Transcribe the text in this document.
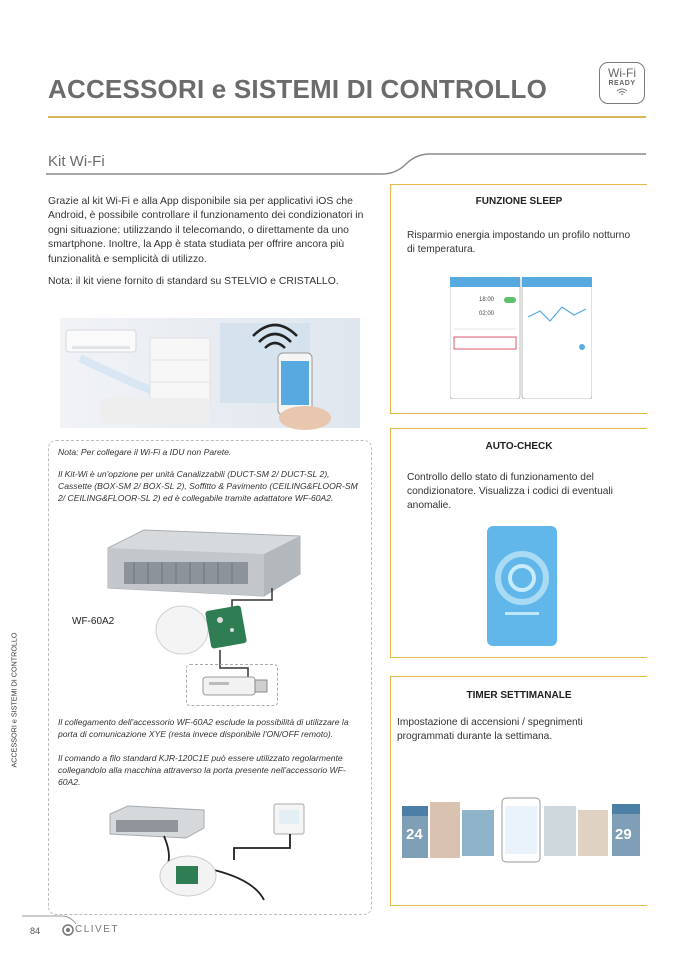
ACCESSORI e SISTEMI DI CONTROLLO
Wi-Fi
READY
Kit Wi-Fi

Grazie al kit Wi-Fi e alla App disponibile sia per applicativi iOS che Android, è possibile controllare il funzionamento dei condizionatori in ogni situazione: utilizzando il telecomando, o direttamente da uno smartphone. Inoltre, la App è stata studiata per offrire ancora più funzionalità e semplicità di utilizzo.

Nota: il kit viene fornito di standard su STELVIO e CRISTALLO.

Nota: Per collegare il Wi-Fi a IDU non Parete.
Il Kit-Wi è un'opzione per unità Canalizzabili (DUCT-SM 2/ DUCT-SL 2), Cassette (BOX-SM 2/ BOX-SL 2), Soffitto & Pavimento (CEILING&FLOOR-SM 2/ CEILING&FLOOR-SL 2) ed è collegabile tramite adattatore WF-60A2.
WF-60A2
Il collegamento dell'accessorio WF-60A2 esclude la possibilità di utilizzare la porta di comunicazione XYE (resta invece disponibile l'ON/OFF remoto).
Il comando a filo standard KJR-120C1E può essere utilizzato regolarmente collegandolo alla macchina attraverso la porta presente nell'accessorio WF-60A2.
FUNZIONE SLEEP
Risparmio energia impostando un profilo notturno di temperatura.
18:00
02:00
AUTO-CHECK
Controllo dello stato di funzionamento del condizionatore. Visualizza i codici di eventuali anomalie.
TIMER SETTIMANALE
Impostazione di accensioni / spegnimenti programmati durante la settimana.
24	29
ACCESSORI e SISTEMI DI CONTROLLO
84	CLIVET
